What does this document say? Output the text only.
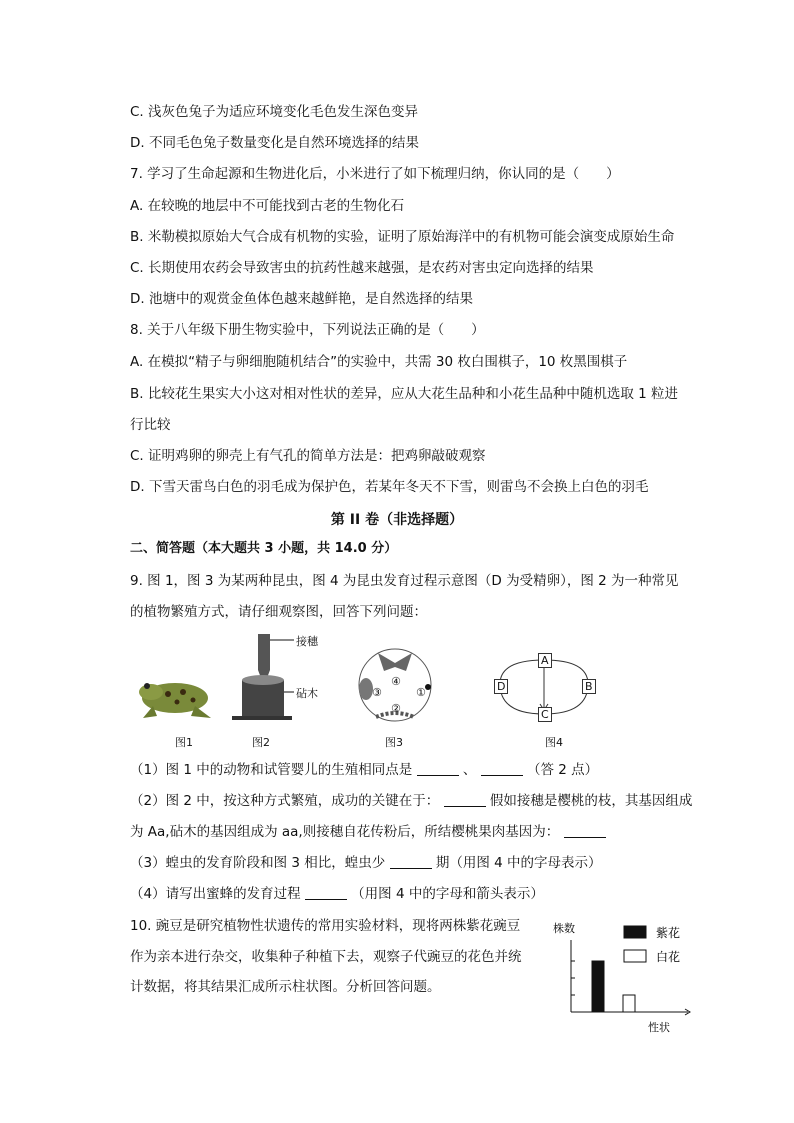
C. 浅灰色兔子为适应环境变化毛色发生深色变异
D. 不同毛色兔子数量变化是自然环境选择的结果
7. 学习了生命起源和生物进化后，小米进行了如下梳理归纳，你认同的是（　　）
A. 在较晚的地层中不可能找到古老的生物化石
B. 米勒模拟原始大气合成有机物的实验，证明了原始海洋中的有机物可能会演变成原始生命
C. 长期使用农药会导致害虫的抗药性越来越强，是农药对害虫定向选择的结果
D. 池塘中的观赏金鱼体色越来越鲜艳，是自然选择的结果
8. 关于八年级下册生物实验中，下列说法正确的是（　　）
A. 在模拟“精子与卵细胞随机结合”的实验中，共需 30 枚白围棋子，10 枚黑围棋子
B. 比较花生果实大小这对相对性状的差异，应从大花生品种和小花生品种中随机选取 1 粒进
行比较
C. 证明鸡卵的卵壳上有气孔的简单方法是：把鸡卵敲破观察
D. 下雪天雷鸟白色的羽毛成为保护色，若某年冬天不下雪，则雷鸟不会换上白色的羽毛
第 II 卷（非选择题）
二、简答题（本大题共 3 小题，共 14.0 分）
9. 图 1，图 3 为某两种昆虫，图 4 为昆虫发育过程示意图（D 为受精卵），图 2 为一种常见
的植物繁殖方式，请仔细观察图，回答下列问题：
图1
接穗
砧木
图2
④
③	①
②
图3
A
B
C
D
图4
（1）图 1 中的动物和试管婴儿的生殖相同点是	、	（答 2 点）
（2）图 2 中，按这种方式繁殖，成功的关键在于：	假如接穗是樱桃的枝，其基因组成
为 Aa,砧木的基因组成为 aa,则接穗自花传粉后，所结樱桃果肉基因为：
（3）蝗虫的发育阶段和图 3 相比，蝗虫少	期（用图 4 中的字母表示）
（4）请写出蜜蜂的发育过程	（用图 4 中的字母和箭头表示）
10. 豌豆是研究植物性状遗传的常用实验材料，现将两株紫花豌豆
作为亲本进行杂交，收集种子种植下去，观察子代豌豆的花色并统
计数据，将其结果汇成所示柱状图。分析回答问题。
株数	紫花
白花
性状
